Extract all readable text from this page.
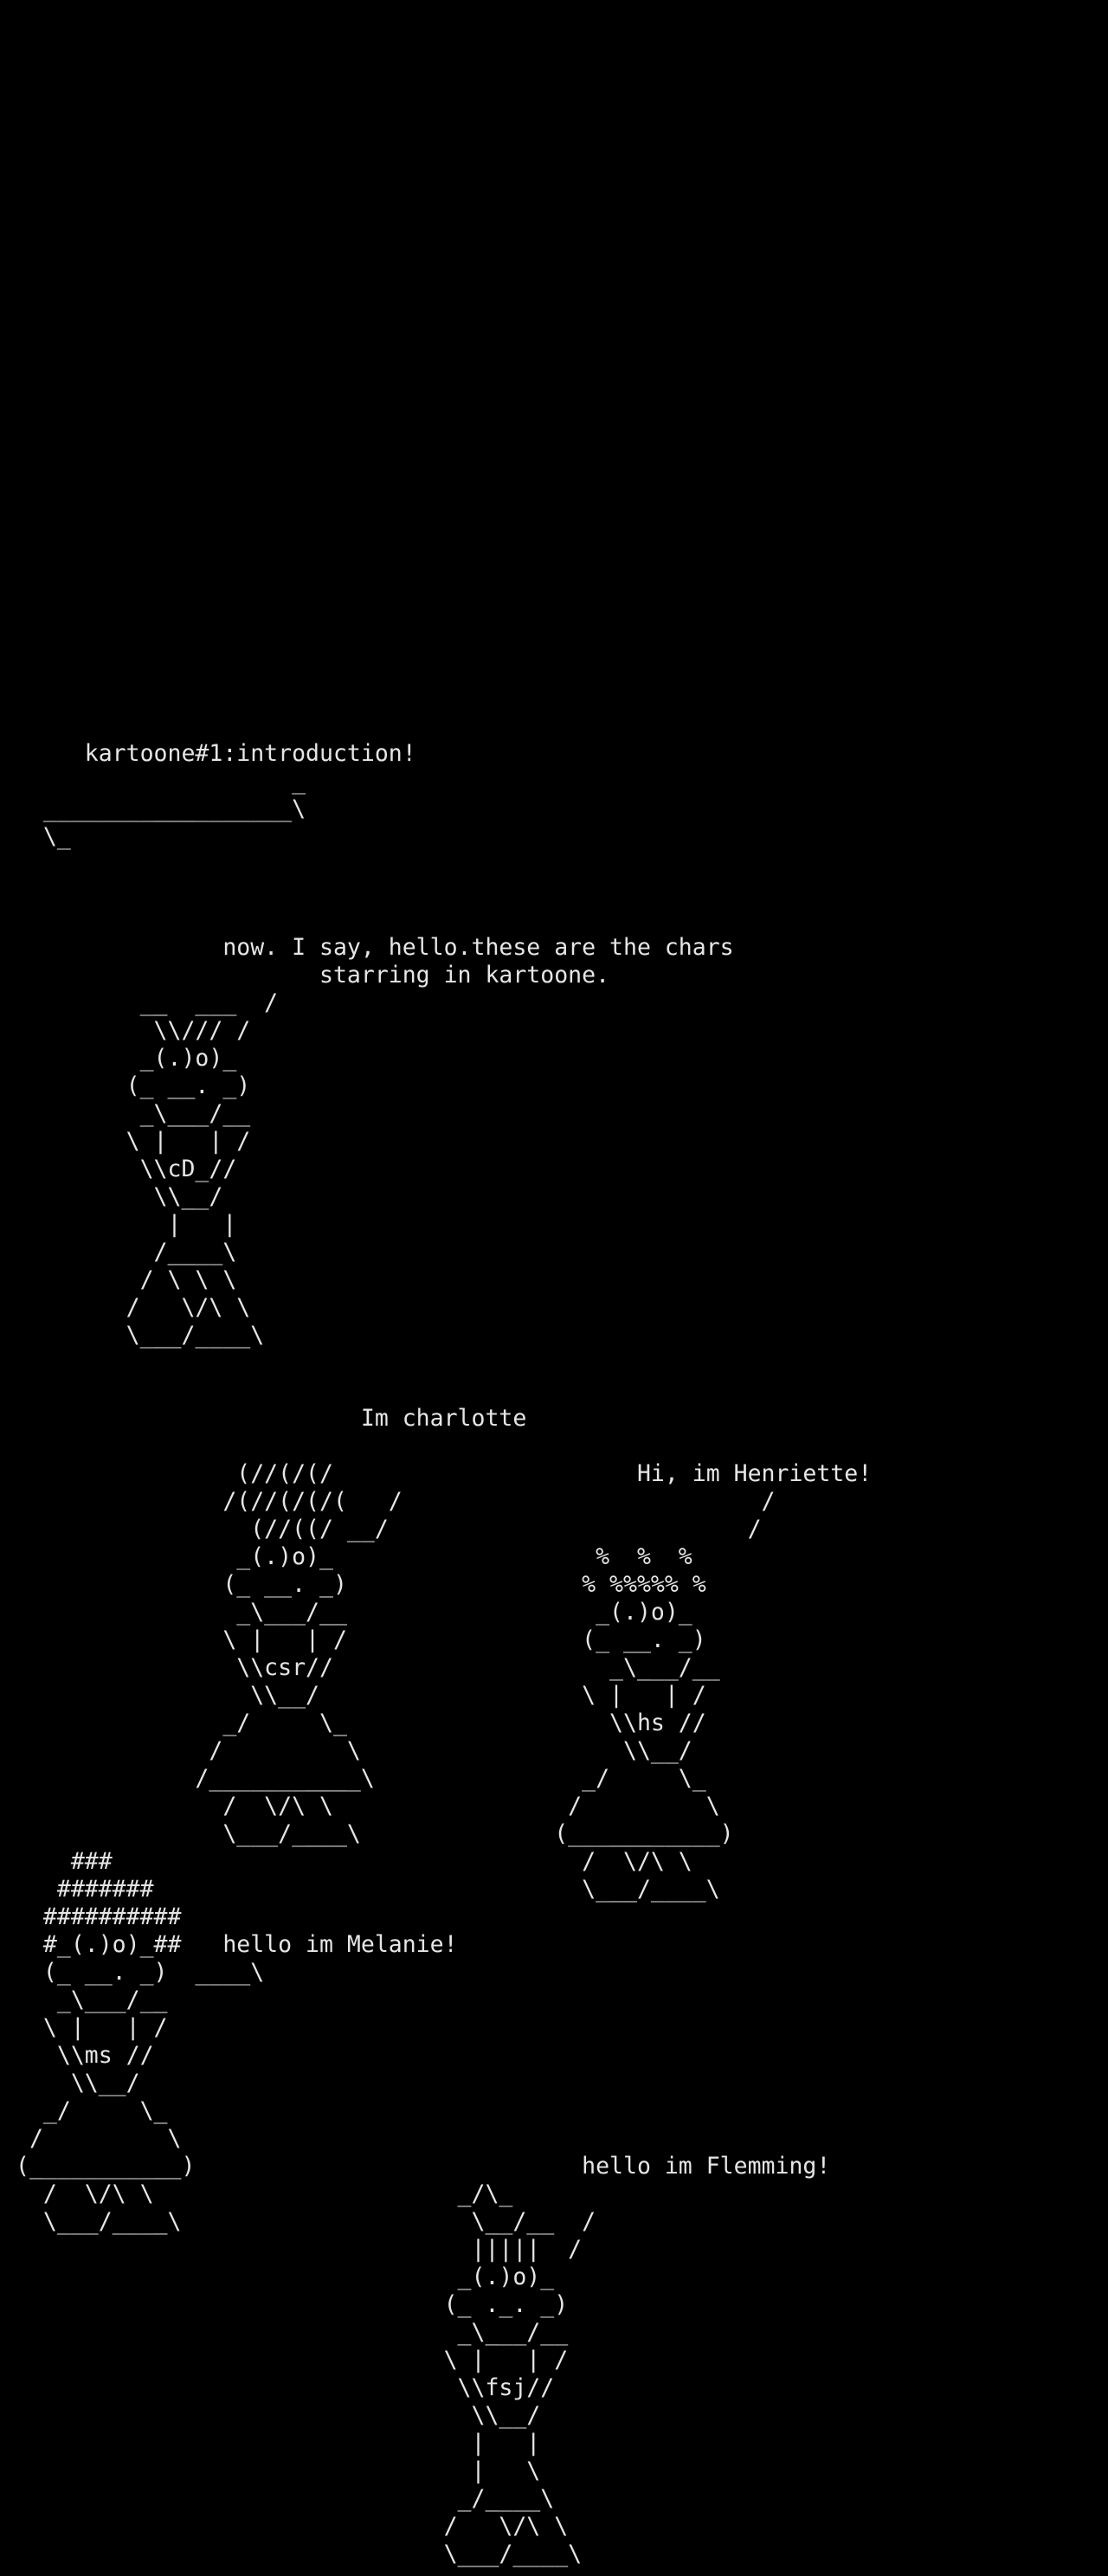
kartoone#1:introduction!
_
__________________\
\_

now. I say, hello.these are the chars
starring in kartoone.
__  ___  /
\\/// /
_(.)o)_
(_ __. _)
_\___/__
\ |   | /
\\cD_//
\\__/
|   |
/____\
/ \ \ \
/   \/\ \
\___/____\

Im charlotte

(//(/(/                      Hi, im Henriette!
/(//(/(/(   /                          /
(//((/ __/                          /
_(.)o)_                   %  %  %
(_ __. _)                 % %%%%% %
_\___/__                  _(.)o)_
\ |   | /                 (_ __. _)
\\csr//                    _\___/__
\\__/                   \ |   | /
_/     \_                   \\hs //
/         \                   \\__/
/___________\               _/     \_
/  \/\ \                 /         \
\___/____\              (___________)
###                                  /  \/\ \
#######                               \___/____\
##########
#_(.)o)_##   hello im Melanie!
(_ __. _)  ____\
_\___/__
\ |   | /
\\ms //
\\__/
_/     \_
/         \
(___________)                            hello im Flemming!
/  \/\ \                      _/\_
\___/____\                     \__/__  /
|||||  /
_(.)o)_
(_ ._. _)
_\___/__
\ |   | /
\\fsj//
\\__/
|   |
|   \
_/____\
/   \/\ \
\___/____\
